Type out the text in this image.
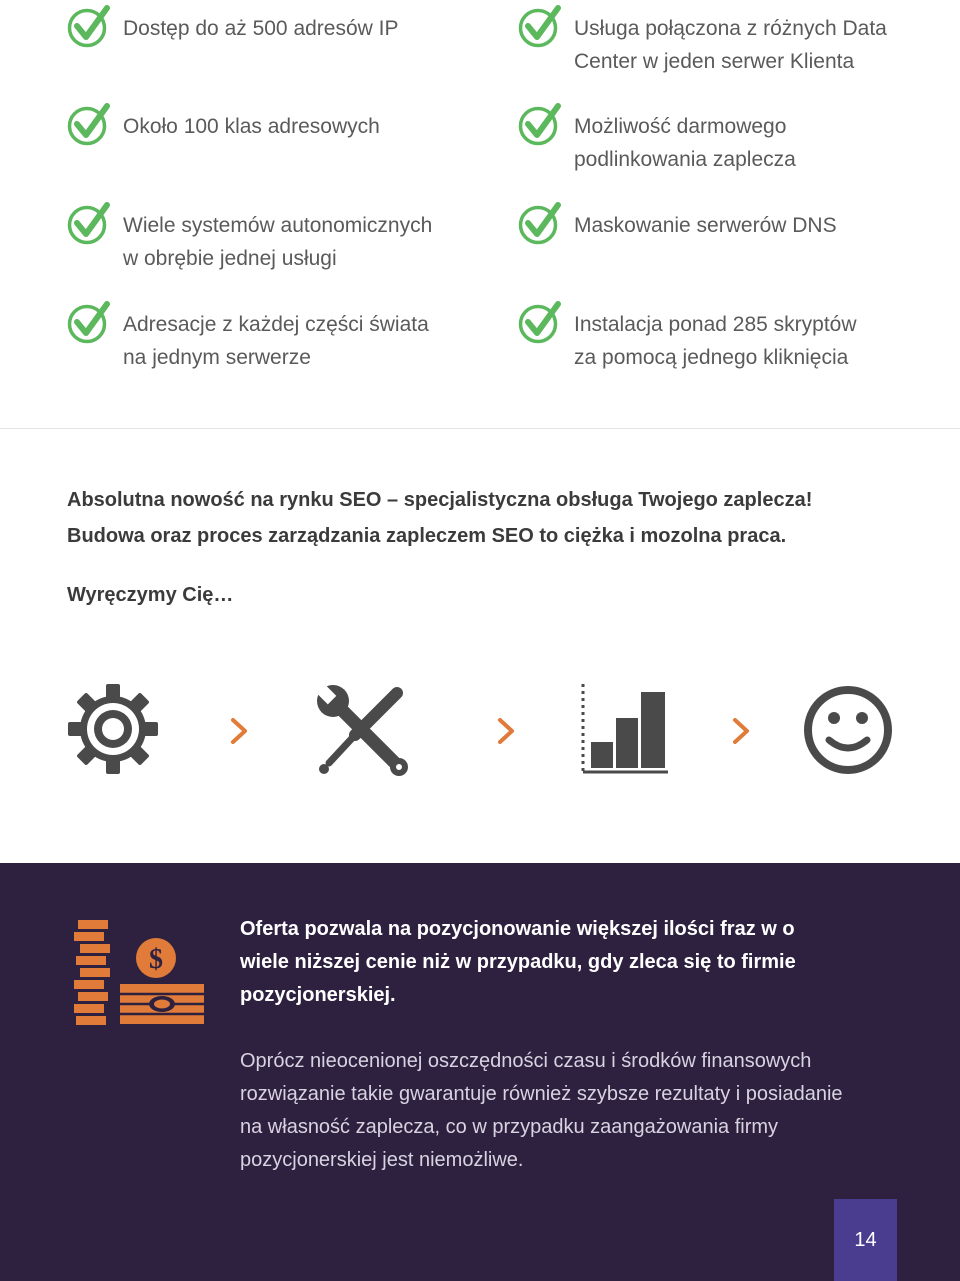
Dostęp do aż 500 adresów IP	Usługa połączona z różnych Data
Center w jeden serwer Klienta
Około 100 klas adresowych	Możliwość darmowego
podlinkowania zaplecza
Wiele systemów autonomicznych
w obrębie jednej usługi
Maskowanie serwerów DNS
Adresacje z każdej części świata
na jednym serwerze
Instalacja ponad 285 skryptów
za pomocą jednego kliknięcia
Absolutna nowość na rynku SEO – specjalistyczna obsługa Twojego zaplecza!
Budowa oraz proces zarządzania zapleczem SEO to ciężka i mozolna praca.
Wyręczymy Cię…
$
Oferta pozwala na pozycjonowanie większej ilości fraz w o
wiele niższej cenie niż w przypadku, gdy zleca się to firmie
pozycjonerskiej.
Oprócz nieocenionej oszczędności czasu i środków finansowych
rozwiązanie takie gwarantuje również szybsze rezultaty i posiadanie
na własność zaplecza, co w przypadku zaangażowania firmy
pozycjonerskiej jest niemożliwe.
14
